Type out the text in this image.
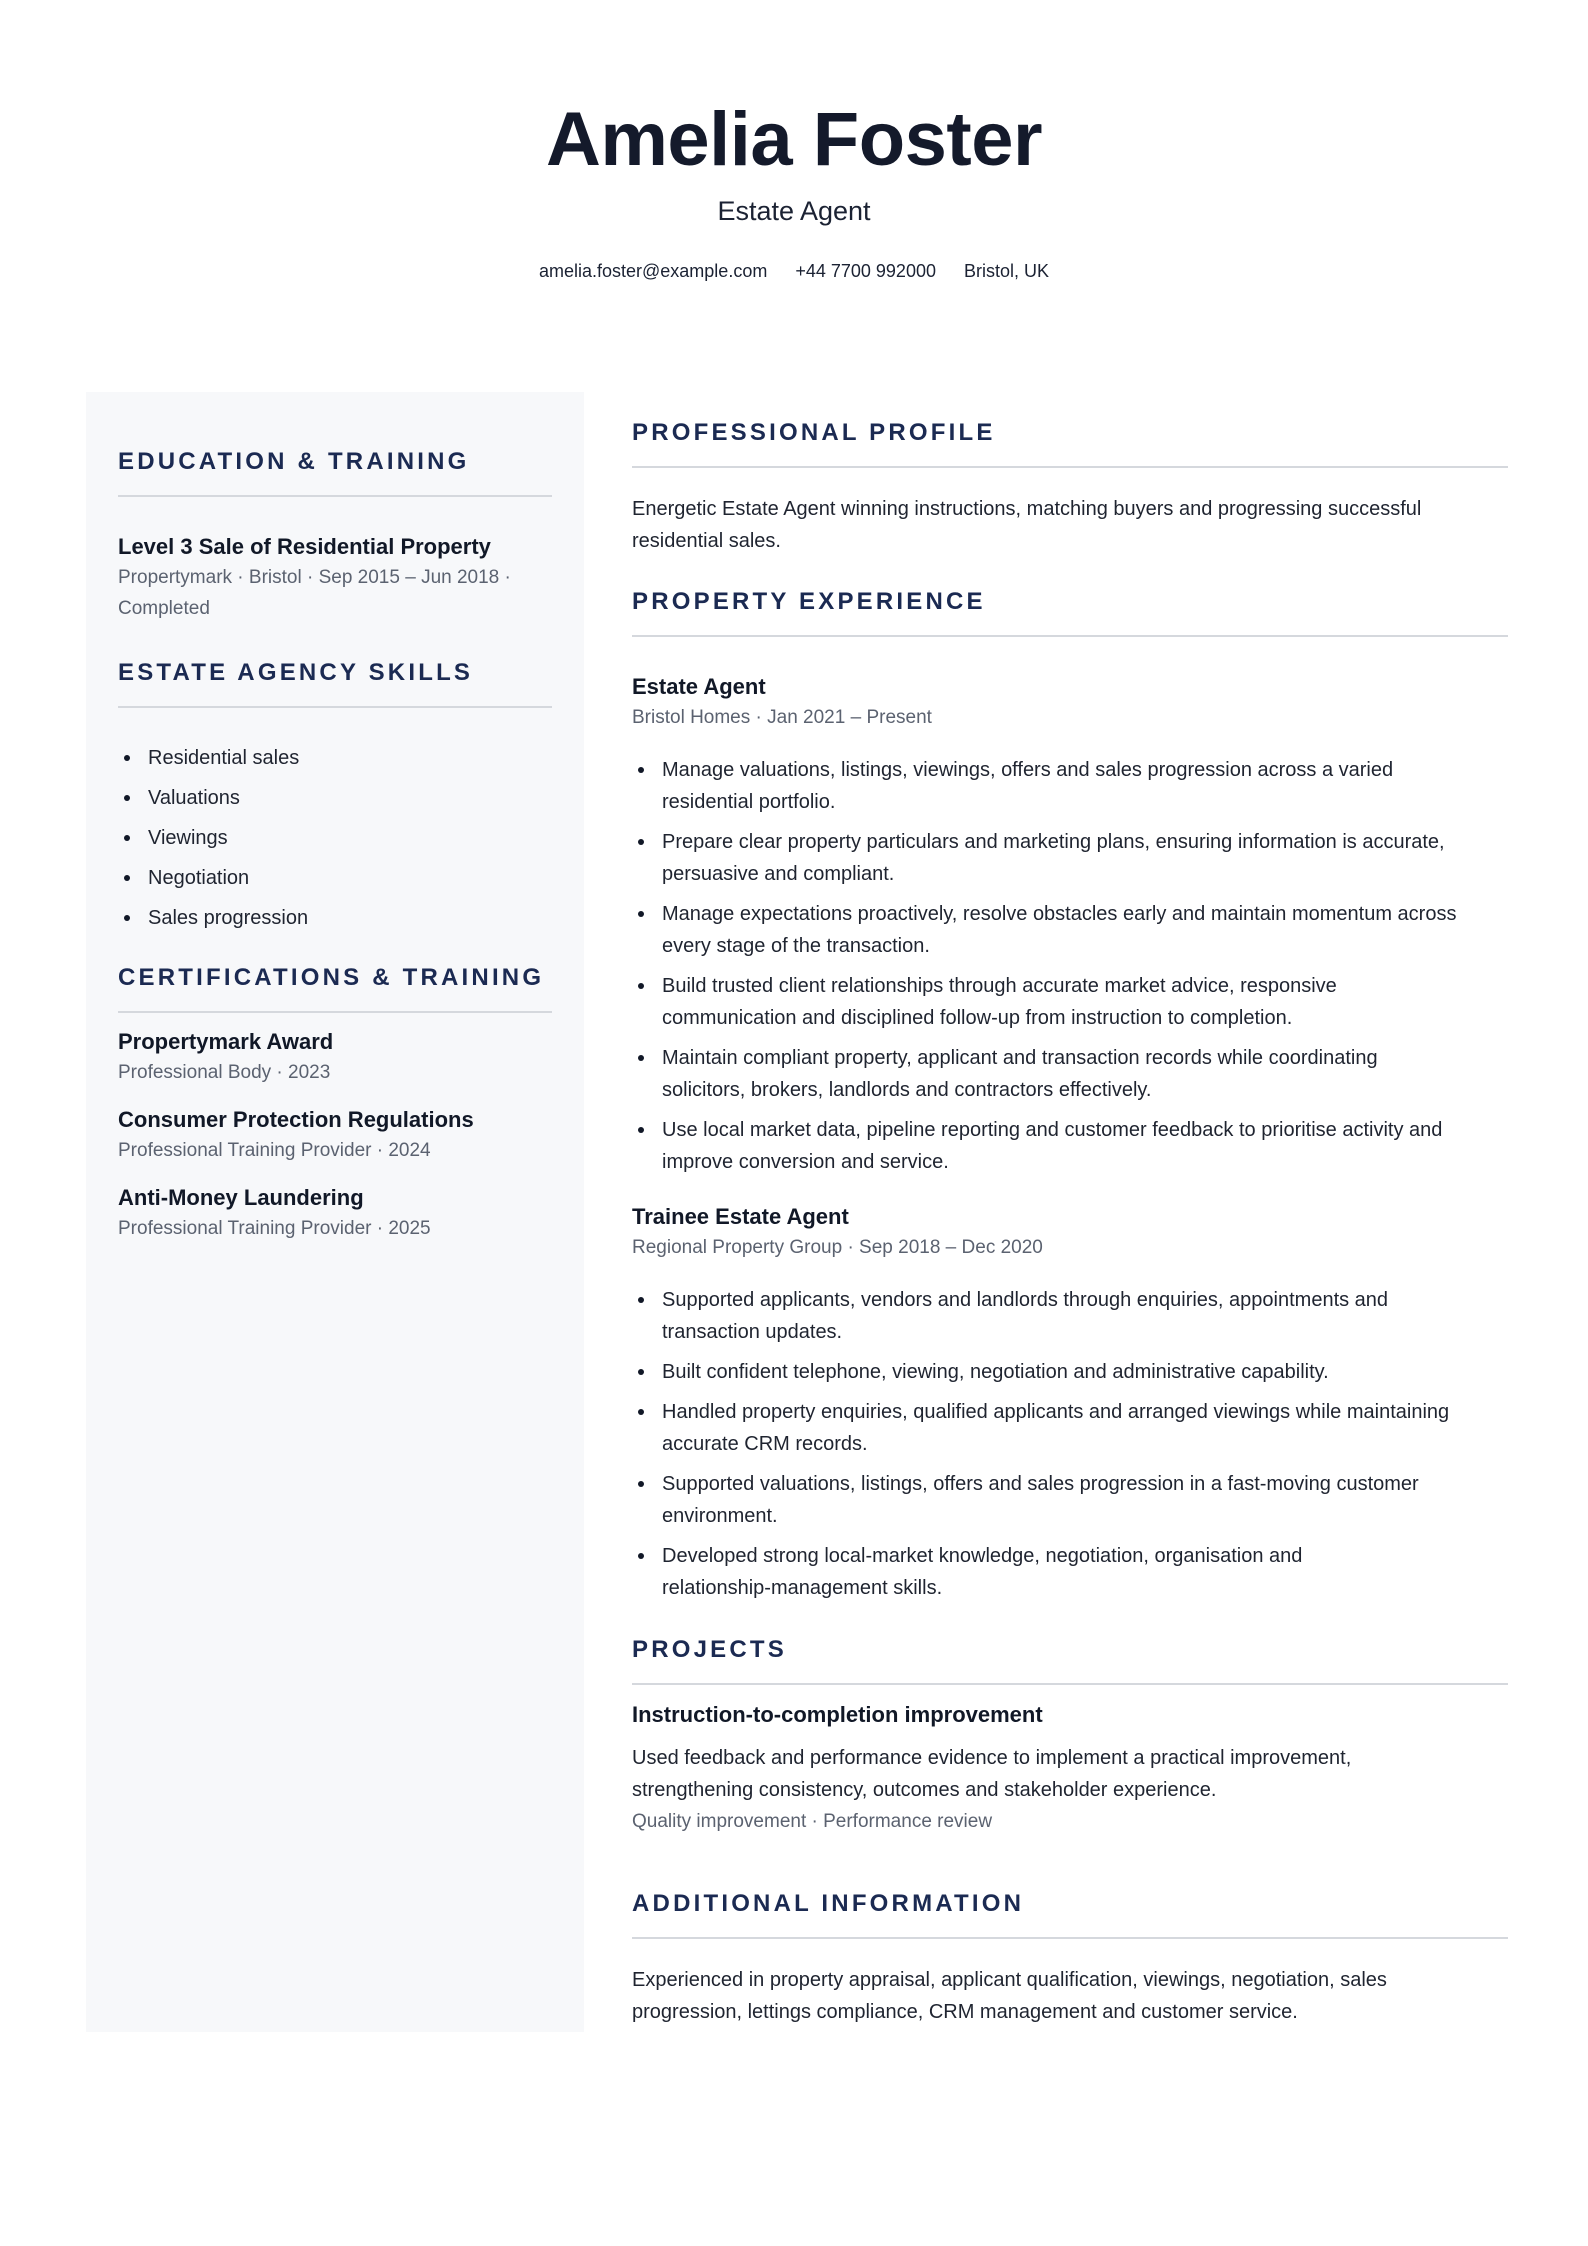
Amelia Foster
Estate Agent
amelia.foster@example.com +44 7700 992000 Bristol, UK
EDUCATION & TRAINING

Level 3 Sale of Residential Property

Propertymark · Bristol · Sep 2015 – Jun 2018 ·

Completed

ESTATE AGENCY SKILLS
Residential sales
Valuations
Viewings
Negotiation
Sales progression
CERTIFICATIONS & TRAINING

Propertymark Award

Professional Body · 2023

Consumer Protection Regulations

Professional Training Provider · 2024

Anti-Money Laundering

Professional Training Provider · 2025

PROFESSIONAL PROFILE

Energetic Estate Agent winning instructions, matching buyers and progressing successful

residential sales.

PROPERTY EXPERIENCE

Estate Agent

Bristol Homes · Jan 2021 – Present

Manage valuations, listings, viewings, offers and sales progression across a varied
residential portfolio.
Prepare clear property particulars and marketing plans, ensuring information is accurate,
persuasive and compliant.
Manage expectations proactively, resolve obstacles early and maintain momentum across
every stage of the transaction.
Build trusted client relationships through accurate market advice, responsive
communication and disciplined follow-up from instruction to completion.
Maintain compliant property, applicant and transaction records while coordinating
solicitors, brokers, landlords and contractors effectively.
Use local market data, pipeline reporting and customer feedback to prioritise activity and
improve conversion and service.

Trainee Estate Agent

Regional Property Group · Sep 2018 – Dec 2020

Supported applicants, vendors and landlords through enquiries, appointments and
transaction updates.
Built confident telephone, viewing, negotiation and administrative capability.
Handled property enquiries, qualified applicants and arranged viewings while maintaining
accurate CRM records.
Supported valuations, listings, offers and sales progression in a fast-moving customer
environment.
Developed strong local-market knowledge, negotiation, organisation and
relationship-management skills.
PROJECTS

Instruction-to-completion improvement

Used feedback and performance evidence to implement a practical improvement,

strengthening consistency, outcomes and stakeholder experience.

Quality improvement · Performance review

ADDITIONAL INFORMATION

Experienced in property appraisal, applicant qualification, viewings, negotiation, sales

progression, lettings compliance, CRM management and customer service.
